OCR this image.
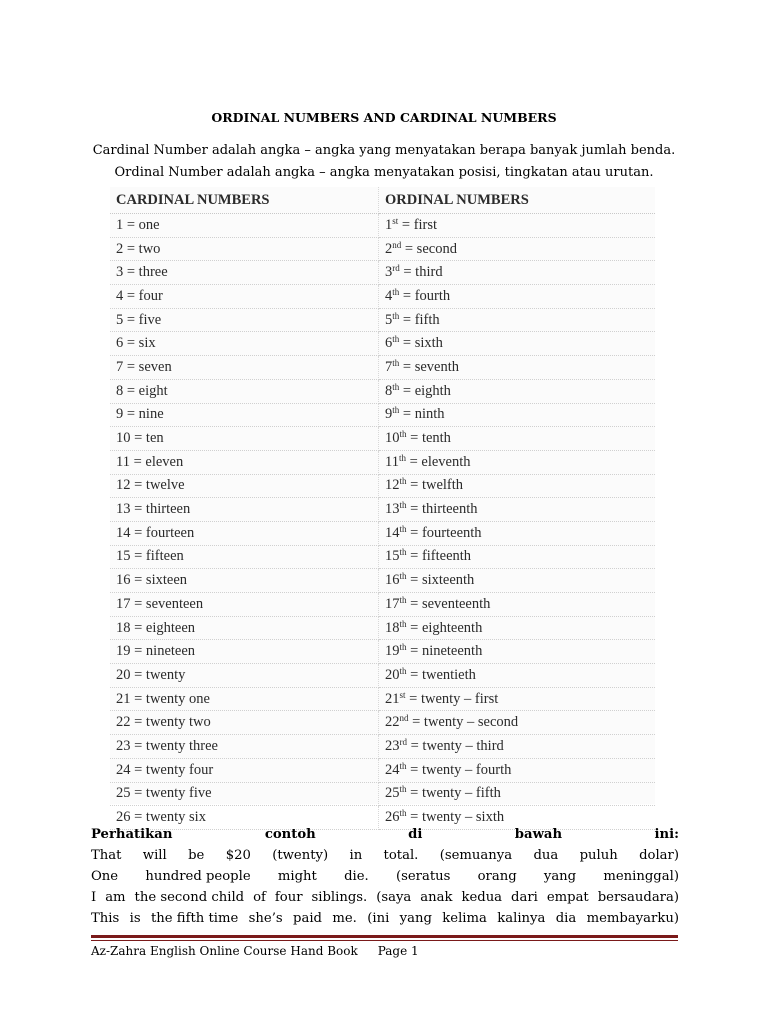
ORDINAL NUMBERS AND CARDINAL NUMBERS
Cardinal Number adalah angka – angka yang menyatakan berapa banyak jumlah benda.
Ordinal Number adalah angka – angka menyatakan posisi, tingkatan atau urutan.
CARDINAL NUMBERS	ORDINAL NUMBERS
1 = one	1st = first
2 = two	2nd = second
3 = three	3rd = third
4 = four	4th = fourth
5 = five	5th = fifth
6 = six	6th = sixth
7 = seven	7th = seventh
8 = eight	8th = eighth
9 = nine	9th = ninth
10 = ten	10th = tenth
11 = eleven	11th = eleventh
12 = twelve	12th = twelfth
13 = thirteen	13th = thirteenth
14 = fourteen	14th = fourteenth
15 = fifteen	15th = fifteenth
16 = sixteen	16th = sixteenth
17 = seventeen	17th = seventeenth
18 = eighteen	18th = eighteenth
19 = nineteen	19th = nineteenth
20 = twenty	20th = twentieth
21 = twenty one	21st = twenty – first
22 = twenty two	22nd = twenty – second
23 = twenty three	23rd = twenty – third
24 = twenty four	24th = twenty – fourth
25 = twenty five	25th = twenty – fifth
26 = twenty six	26th = twenty – sixth
Perhatikan	contoh	di	bawah	ini:
That will be $20 (twenty) in total. (semuanya dua puluh dolar)
One hundred people might die. (seratus orang yang meninggal)
I am the second child of four siblings. (saya anak kedua dari empat bersaudara)
This is the fifth time she’s paid me. (ini yang kelima kalinya dia membayarku)
Az-Zahra English Online Course Hand Book Page 1
